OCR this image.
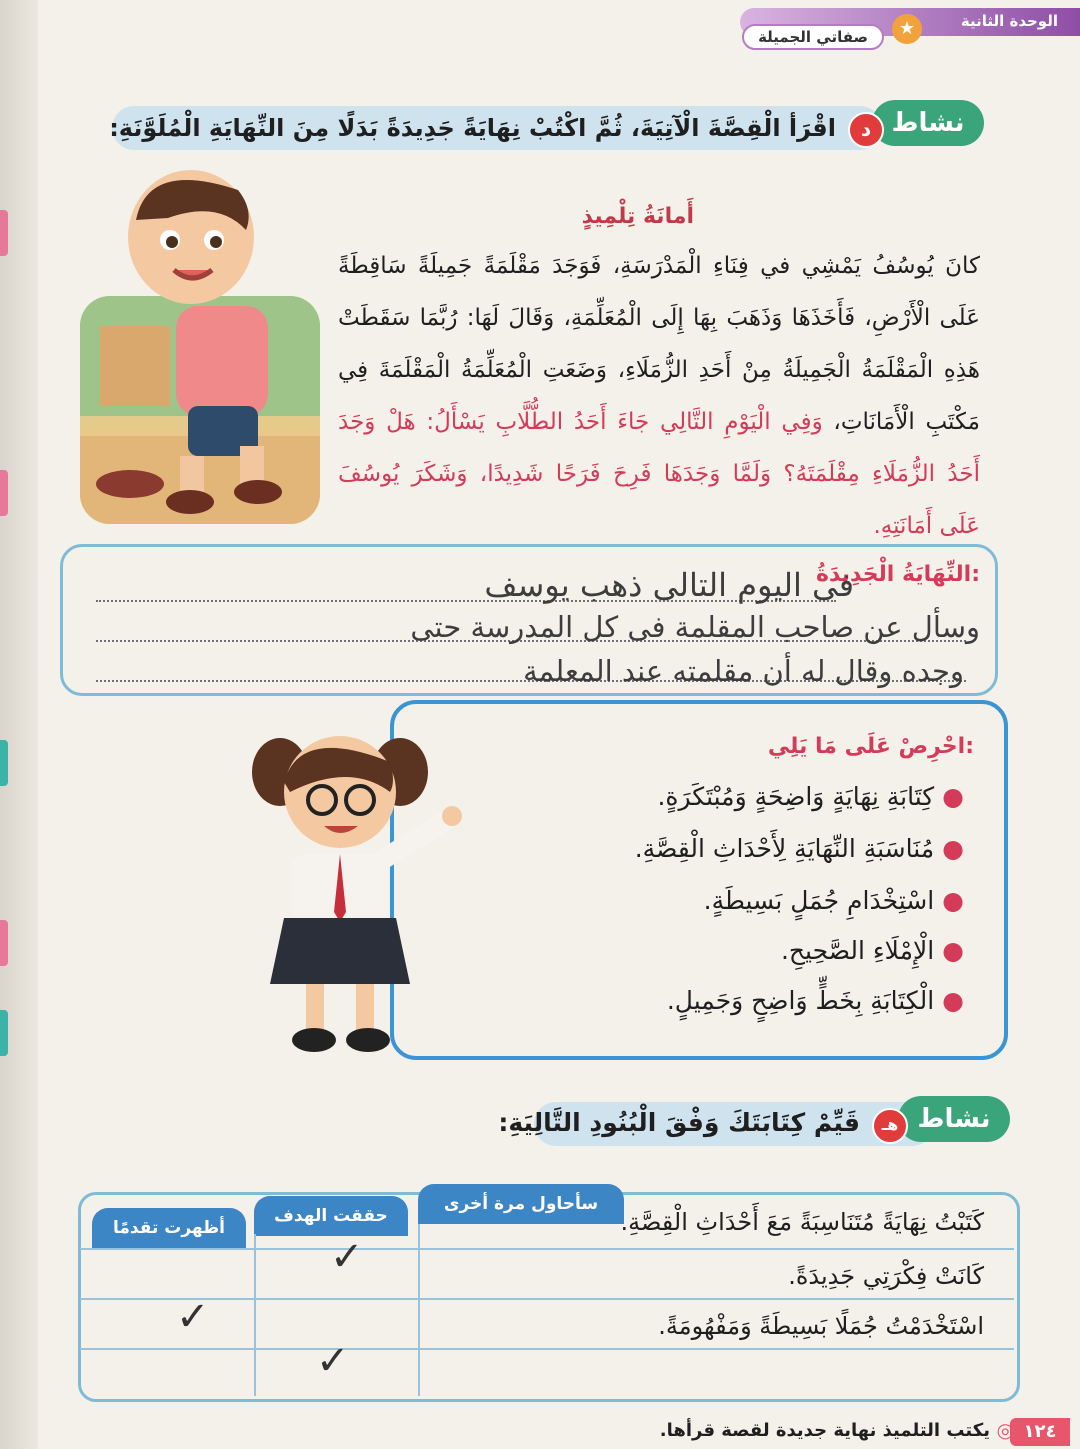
الوحدة الثانية
★
صفاتي الجميلة
نشاط
د
اقْرَأ الْقِصَّةَ الْآتِيَةَ، ثُمَّ اكْتُبْ نِهَايَةً جَدِيدَةً بَدَلًا مِنَ النِّهَايَةِ الْمُلَوَّنَةِ:
أَمانَةُ تِلْمِيذٍ
كانَ يُوسُفُ يَمْشِي في فِنَاءِ الْمَدْرَسَةِ، فَوَجَدَ مَقْلَمَةً جَمِيلَةً سَاقِطَةً عَلَى الْأَرْضِ، فَأَخَذَهَا وَذَهَبَ بِهَا إِلَى الْمُعَلِّمَةِ، وَقَالَ لَهَا: رُبَّمَا سَقَطَتْ هَذِهِ الْمَقْلَمَةُ الْجَمِيلَةُ مِنْ أَحَدِ الزُّمَلَاءِ، وَضَعَتِ الْمُعَلِّمَةُ الْمَقْلَمَةَ فِي مَكْتَبِ الْأَمَانَاتِ، وَفِي الْيَوْمِ التَّالِي جَاءَ أَحَدُ الطُّلَّابِ يَسْأَلُ: هَلْ وَجَدَ أَحَدُ الزُّمَلَاءِ مِقْلَمَتَهُ؟ وَلَمَّا وَجَدَهَا فَرِحَ فَرَحًا شَدِيدًا، وَشَكَرَ يُوسُفَ عَلَى أَمَانَتِهِ.
النِّهَايَةُ الْجَدِيدَةُ:
فى اليوم التالى ذهب يوسف
وسأل عن صاحب المقلمة فى كل المدرسة حتى
وجده وقال له أن مقلمته عند المعلمة
احْرِصْ عَلَى مَا يَلِي:
●كِتَابَةِ نِهَايَةٍ وَاضِحَةٍ وَمُبْتَكَرَةٍ.
●مُنَاسَبَةِ النِّهَايَةِ لِأَحْدَاثِ الْقِصَّةِ.
●اسْتِخْدَامِ جُمَلٍ بَسِيطَةٍ.
●الْإِمْلَاءِ الصَّحِيحِ.
●الْكِتَابَةِ بِخَطٍّ وَاضِحٍ وَجَمِيلٍ.
نشاط
هـ
قَيِّمْ كِتَابَتَكَ وَفْقَ الْبُنُودِ التَّالِيَةِ:
سأحاول مرة أخرى
حققت الهدف
أظهرت تقدمًا	كَتَبْتُ نِهَايَةً مُتَنَاسِبَةً مَعَ أَحْدَاثِ الْقِصَّةِ.
كَانَتْ فِكْرَتِي جَدِيدَةً.
اسْتَخْدَمْتُ جُمَلًا بَسِيطَةً وَمَفْهُومَةً.
✓
✓
✓
١٢٤
◎
يكتب التلميذ نهاية جديدة لقصة قرأها.
